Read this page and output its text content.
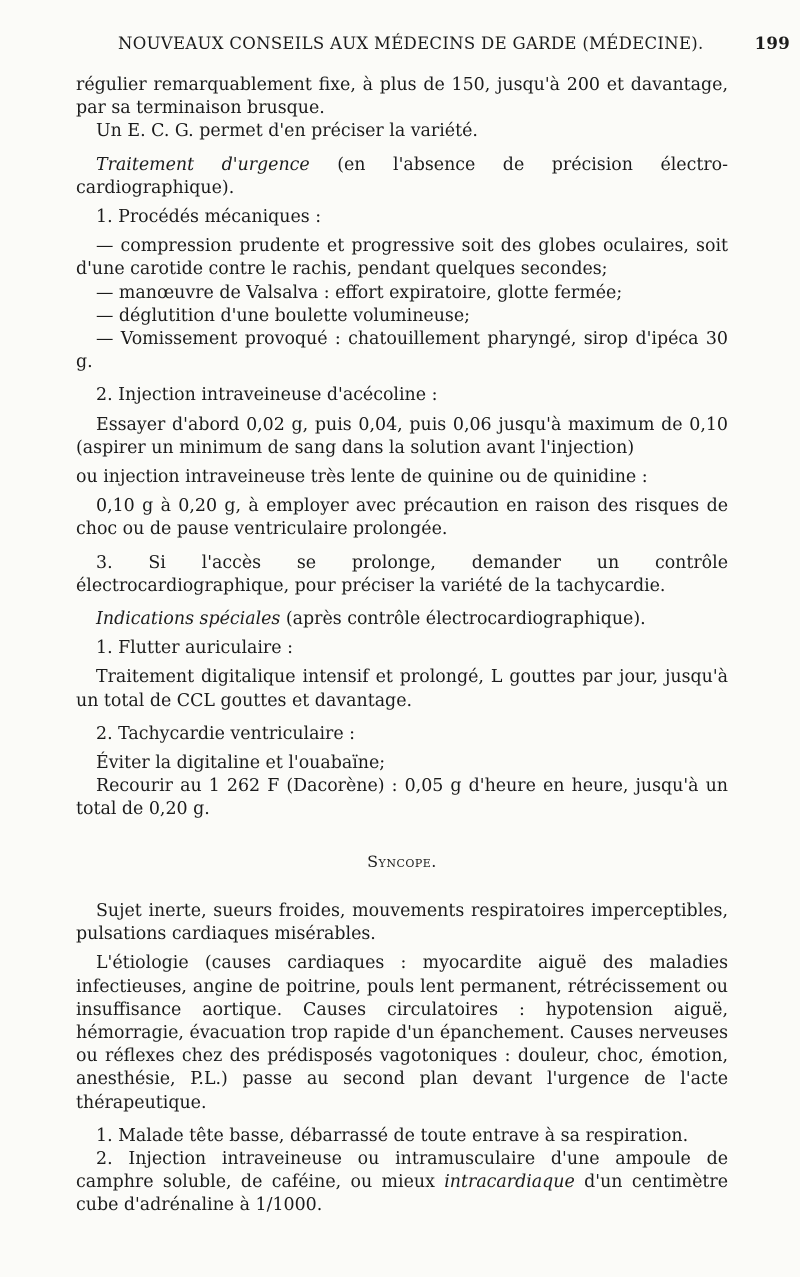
NOUVEAUX CONSEILS AUX MÉDECINS DE GARDE (MÉDECINE).	199

régulier remarquablement fixe, à plus de 150, jusqu'à 200 et davantage, par sa terminaison brusque.

Un E. C. G. permet d'en préciser la variété.

Traitement d'urgence (en l'absence de précision électro-cardiographique).

1. Procédés mécaniques :

— compression prudente et progressive soit des globes oculaires, soit d'une carotide contre le rachis, pendant quelques secondes;

— manœuvre de Valsalva : effort expiratoire, glotte fermée;

— déglutition d'une boulette volumineuse;

— Vomissement provoqué : chatouillement pharyngé, sirop d'ipéca 30 g.

2. Injection intraveineuse d'acécoline :

Essayer d'abord 0,02 g, puis 0,04, puis 0,06 jusqu'à maximum de 0,10 (aspirer un minimum de sang dans la solution avant l'injection)

ou injection intraveineuse très lente de quinine ou de quinidine :

0,10 g à 0,20 g, à employer avec précaution en raison des risques de choc ou de pause ventriculaire prolongée.

3. Si l'accès se prolonge, demander un contrôle électrocardiographique, pour préciser la variété de la tachycardie.

Indications spéciales (après contrôle électrocardiographique).

1. Flutter auriculaire :

Traitement digitalique intensif et prolongé, L gouttes par jour, jusqu'à un total de CCL gouttes et davantage.

2. Tachycardie ventriculaire :

Éviter la digitaline et l'ouabaïne;

Recourir au 1 262 F (Dacorène) : 0,05 g d'heure en heure, jusqu'à un total de 0,20 g.

Syncope.

Sujet inerte, sueurs froides, mouvements respiratoires imperceptibles, pulsations cardiaques misérables.

L'étiologie (causes cardiaques : myocardite aiguë des maladies infectieuses, angine de poitrine, pouls lent permanent, rétrécissement ou insuffisance aortique. Causes circulatoires : hypotension aiguë, hémorragie, évacuation trop rapide d'un épanchement. Causes nerveuses ou réflexes chez des prédisposés vagotoniques : douleur, choc, émotion, anesthésie, P.L.) passe au second plan devant l'urgence de l'acte thérapeutique.

1. Malade tête basse, débarrassé de toute entrave à sa respiration.

2. Injection intraveineuse ou intramusculaire d'une ampoule de camphre soluble, de caféine, ou mieux intracardiaque d'un centimètre cube d'adrénaline à 1/1000.
